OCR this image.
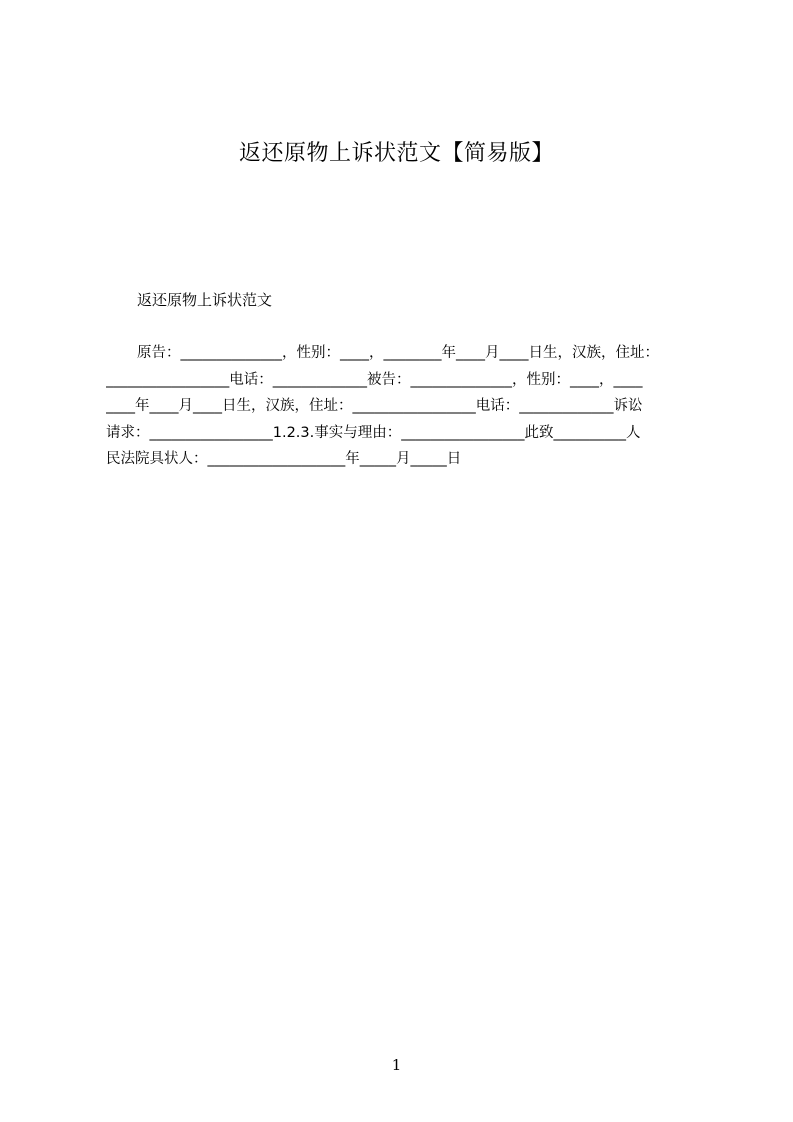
返还原物上诉状范文【简易版】
返还原物上诉状范文
原告：______________，性别：____，________年____月____日生，汉族，住址：
_________________电话：_____________被告：______________，性别：____，____
____年____月____日生，汉族，住址：_________________电话：_____________诉讼
请求：_________________1.2.3.事实与理由：_________________此致__________人
民法院具状人：___________________年_____月_____日
1
